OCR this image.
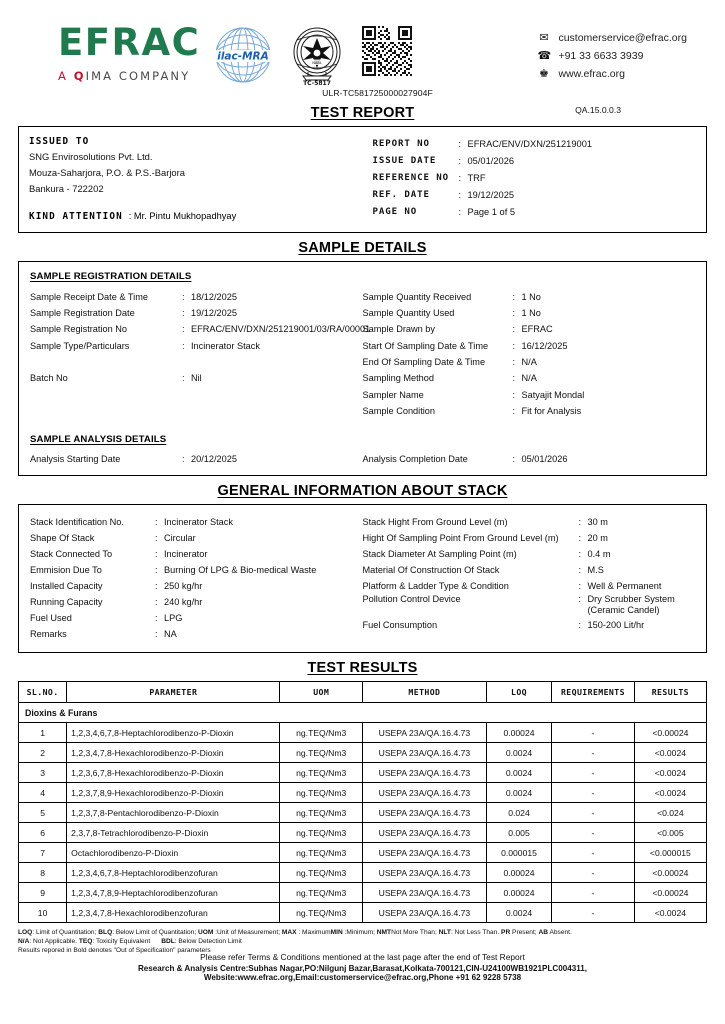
EFRAC
A QIMA COMPANY
ilac-MRA
NABL
TC-5817
✉ customerservice@efrac.org
☎ +91 33 6633 3939
♚ www.efrac.org
ULR-TC581725000027904F
QA.15.0.0.3
TEST REPORT
ISSUED TO
SNG Envirosolutions Pvt. Ltd.
Mouza-Saharjora, P.O. & P.S.-Barjora
Bankura - 722202
KIND ATTENTION : Mr. Pintu Mukhopadhyay
REPORT NO	: EFRAC/ENV/DXN/251219001
ISSUE DATE	: 05/01/2026
REFERENCE NO	: TRF
REF. DATE	: 19/12/2025
PAGE NO	: Page 1 of 5
SAMPLE DETAILS
SAMPLE REGISTRATION DETAILS
Sample Receipt Date & Time	: 18/12/2025
Sample Registration Date	: 19/12/2025
Sample Registration No	: EFRAC/ENV/DXN/251219001/03/RA/00001
Sample Type/Particulars	: Incinerator Stack

Batch No	: Nil
Sample Quantity Received	: 1 No
Sample Quantity Used	: 1 No
Sample Drawn by	: EFRAC
Start Of Sampling Date & Time	: 16/12/2025
End Of Sampling Date & Time	: N/A
Sampling Method	: N/A
Sampler Name	: Satyajit Mondal
Sample Condition	: Fit for Analysis
SAMPLE ANALYSIS DETAILS
Analysis Starting Date	: 20/12/2025	Analysis Completion Date	: 05/01/2026
GENERAL INFORMATION ABOUT STACK
Stack Identification No.	: Incinerator Stack
Shape Of Stack	: Circular
Stack Connected To	: Incinerator
Emmision Due To	: Burning Of LPG & Bio-medical Waste
Installed Capacity	: 250 kg/hr
Running Capacity	: 240 kg/hr
Fuel Used	: LPG
Remarks	: NA
Stack Hight From Ground Level (m)	: 30 m
Hight Of Sampling Point From Ground Level (m)	: 20 m
Stack Diameter At Sampling Point (m)	: 0.4 m
Material Of Construction Of Stack	: M.S
Platform & Ladder Type & Condition	: Well & Permanent
Pollution Control Device	: Dry Scrubber System (Ceramic Candel)
Fuel Consumption	: 150-200 Lit/hr
TEST RESULTS
SL.NO.	PARAMETER	UOM	METHOD	LOQ	REQUIREMENTS	RESULTS
Dioxins & Furans						
1	1,2,3,4,6,7,8-Heptachlorodibenzo-P-Dioxin	ng.TEQ/Nm3	USEPA 23A/QA.16.4.73	0.00024	-	<0.00024
2	1,2,3,4,7,8-Hexachlorodibenzo-P-Dioxin	ng.TEQ/Nm3	USEPA 23A/QA.16.4.73	0.0024	-	<0.0024
3	1,2,3,6,7,8-Hexachlorodibenzo-P-Dioxin	ng.TEQ/Nm3	USEPA 23A/QA.16.4.73	0.0024	-	<0.0024
4	1,2,3,7,8,9-Hexachlorodibenzo-P-Dioxin	ng.TEQ/Nm3	USEPA 23A/QA.16.4.73	0.0024	-	<0.0024
5	1,2,3,7,8-Pentachlorodibenzo-P-Dioxin	ng.TEQ/Nm3	USEPA 23A/QA.16.4.73	0.024	-	<0.024
6	2,3,7,8-Tetrachlorodibenzo-P-Dioxin	ng.TEQ/Nm3	USEPA 23A/QA.16.4.73	0.005	-	<0.005
7	Octachlorodibenzo-P-Dioxin	ng.TEQ/Nm3	USEPA 23A/QA.16.4.73	0.000015	-	<0.000015
8	1,2,3,4,6,7,8-Heptachlorodibenzofuran	ng.TEQ/Nm3	USEPA 23A/QA.16.4.73	0.00024	-	<0.00024
9	1,2,3,4,7,8,9-Heptachlorodibenzofuran	ng.TEQ/Nm3	USEPA 23A/QA.16.4.73	0.00024	-	<0.00024
10	1,2,3,4,7,8-Hexachlorodibenzofuran	ng.TEQ/Nm3	USEPA 23A/QA.16.4.73	0.0024	-	<0.0024
LOQ: Limit of Quantitation; BLQ: Below Limit of Quantitation; UOM :Unit of Measurement; MAX : MaximumMIN :Minimum; NMTNot More Than; NLT: Not Less Than. PR Present; AB Absent.
N/A: Not Applicable. TEQ: Toxicity Equivalent      BDL: Below Detection Limit
Results repored in Bold denotes "Out of Specification" parameters
Please refer Terms & Conditions mentioned at the last page after the end of Test Report
Research & Analysis Centre:Subhas Nagar,PO:Nilgunj Bazar,Barasat,Kolkata-700121,CIN-U24100WB1921PLC004311,
Website:www.efrac.org,Email:customerservice@efrac.org,Phone +91 62 9228 5738
